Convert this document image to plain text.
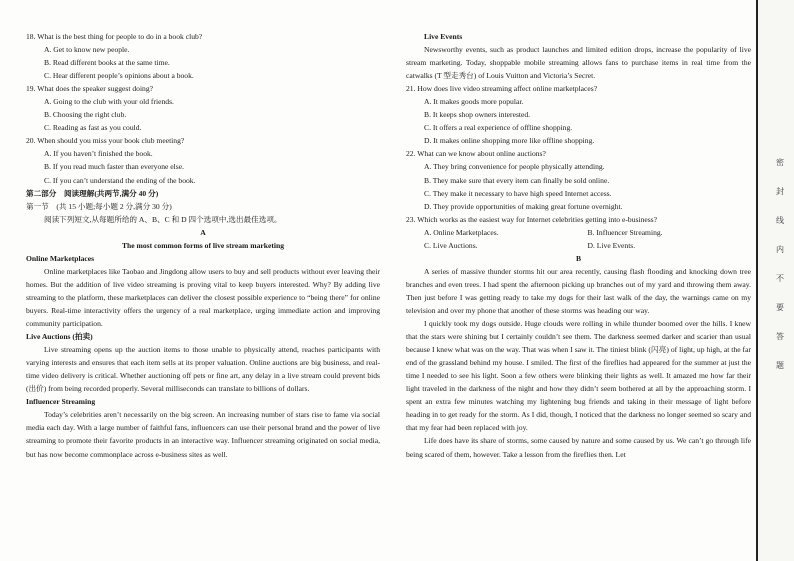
18. What is the best thing for people to do in a book club?

A. Get to know new people.

B. Read different books at the same time.

C. Hear different people’s opinions about a book.

19. What does the speaker suggest doing?

A. Going to the club with your old friends.

B. Choosing the right club.

C. Reading as fast as you could.

20. When should you miss your book club meeting?

A. If you haven’t finished the book.

B. If you read much faster than everyone else.

C. If you can’t understand the ending of the book.

第二部分　阅读理解(共两节,满分 40 分)

第一节　(共 15 小题;每小题 2 分,满分 30 分)

阅读下列短文,从每题所给的 A、B、C 和 D 四个选项中,选出最佳选项。

A

The most common forms of live stream marketing

Online Marketplaces

Online marketplaces like Taobao and Jingdong allow users to buy and sell products without ever leaving their homes. But the addition of live video streaming is proving vital to keep buyers interested. Why? By adding live streaming to the platform, these marketplaces can deliver the closest possible experience to “being there” for online buyers. Real-time interactivity offers the urgency of a real marketplace, urging immediate action and improving community participation.

Live Auctions (拍卖)

Live streaming opens up the auction items to those unable to physically attend, reaches participants with varying interests and ensures that each item sells at its proper valuation. Online auctions are big business, and real-time video delivery is critical. Whether auctioning off pets or fine art, any delay in a live stream could prevent bids (出价) from being recorded properly. Several milliseconds can translate to billions of dollars.

Influencer Streaming

Today’s celebrities aren’t necessarily on the big screen. An increasing number of stars rise to fame via social media each day. With a large number of faithful fans, influencers can use their personal brand and the power of live streaming to promote their favorite products in an interactive way. Influencer streaming originated on social media, but has now become commonplace across e-business sites as well.

Live Events

Newsworthy events, such as product launches and limited edition drops, increase the popularity of live stream marketing. Today, shoppable mobile streaming allows fans to purchase items in real time from the catwalks (T 型走秀台) of Louis Vuitton and Victoria’s Secret.

21. How does live video streaming affect online marketplaces?

A. It makes goods more popular.

B. It keeps shop owners interested.

C. It offers a real experience of offline shopping.

D. It makes online shopping more like offline shopping.

22. What can we know about online auctions?

A. They bring convenience for people physically attending.

B. They make sure that every item can finally be sold online.

C. They make it necessary to have high speed Internet access.

D. They provide opportunities of making great fortune overnight.

23. Which works as the easiest way for Internet celebrities getting into e-business?

A. Online Marketplaces.	B. Influencer Streaming.
C. Live Auctions.	D. Live Events.

B

A series of massive thunder storms hit our area recently, causing flash flooding and knocking down tree branches and even trees. I had spent the afternoon picking up branches out of my yard and throwing them away. Then just before I was getting ready to take my dogs for their last walk of the day, the warnings came on my television and over my phone that another of these storms was heading our way.

I quickly took my dogs outside. Huge clouds were rolling in while thunder boomed over the hills. I knew that the stars were shining but I certainly couldn’t see them. The darkness seemed darker and scarier than usual because I knew what was on the way. That was when I saw it. The tiniest blink (闪亮) of light, up high, at the far end of the grassland behind my house. I smiled. The first of the fireflies had appeared for the summer at just the time I needed to see his light. Soon a few others were blinking their lights as well. It amazed me how far their light traveled in the darkness of the night and how they didn’t seem bothered at all by the approaching storm. I spent an extra few minutes watching my lightening bug friends and taking in their message of light before heading in to get ready for the storm. As I did, though, I noticed that the darkness no longer seemed so scary and that my fear had been replaced with joy.

Life does have its share of storms, some caused by nature and some caused by us. We can’t go through life being scared of them, however. Take a lesson from the fireflies then. Let

密
封
线
内
不
要
答
题
